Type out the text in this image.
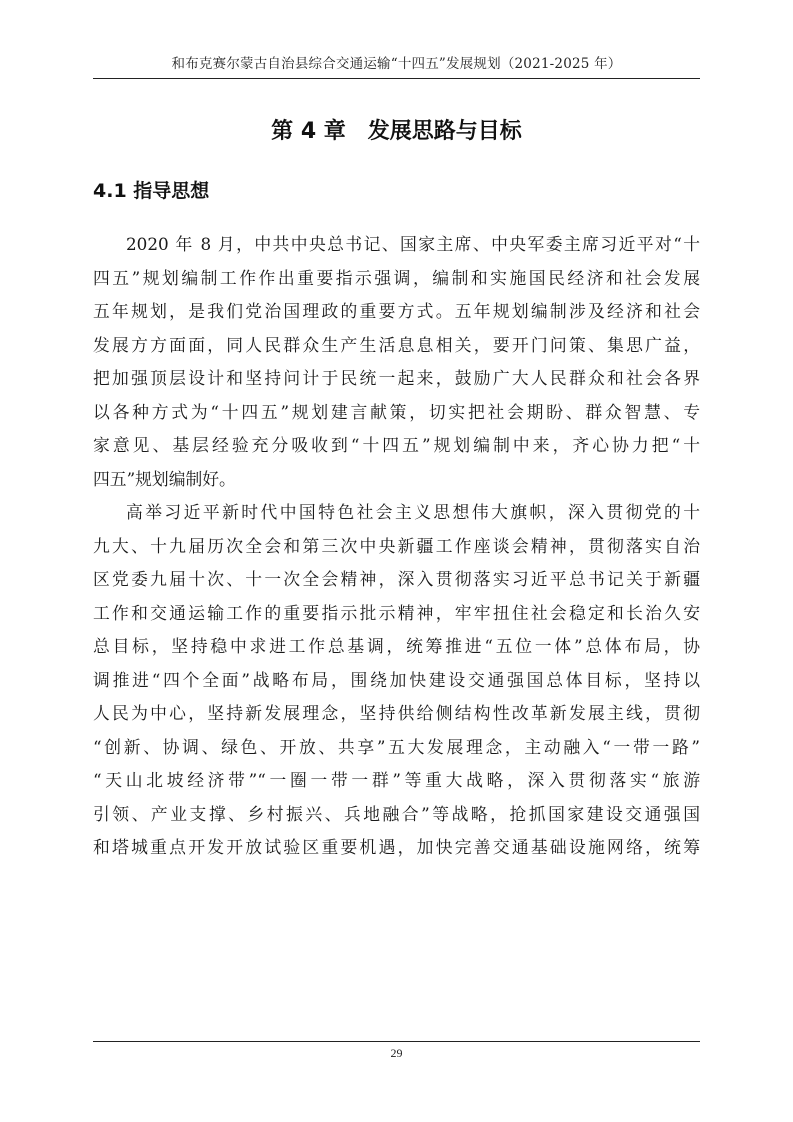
和布克赛尔蒙古自治县综合交通运输“十四五”发展规划（2021-2025 年）
第 4 章　发展思路与目标
4.1 指导思想

2020 年 8 月，中共中央总书记、国家主席、中央军委主席习近平对“十
四五”规划编制工作作出重要指示强调，编制和实施国民经济和社会发展
五年规划，是我们党治国理政的重要方式。五年规划编制涉及经济和社会
发展方方面面，同人民群众生产生活息息相关，要开门问策、集思广益，
把加强顶层设计和坚持问计于民统一起来，鼓励广大人民群众和社会各界
以各种方式为“十四五”规划建言献策，切实把社会期盼、群众智慧、专
家意见、基层经验充分吸收到“十四五”规划编制中来，齐心协力把“十
四五”规划编制好。

高举习近平新时代中国特色社会主义思想伟大旗帜，深入贯彻党的十
九大、十九届历次全会和第三次中央新疆工作座谈会精神，贯彻落实自治
区党委九届十次、十一次全会精神，深入贯彻落实习近平总书记关于新疆
工作和交通运输工作的重要指示批示精神，牢牢扭住社会稳定和长治久安
总目标，坚持稳中求进工作总基调，统筹推进“五位一体”总体布局，协
调推进“四个全面”战略布局，围绕加快建设交通强国总体目标，坚持以
人民为中心，坚持新发展理念，坚持供给侧结构性改革新发展主线，贯彻
“创新、协调、绿色、开放、共享”五大发展理念，主动融入“一带一路”
“天山北坡经济带”“一圈一带一群”等重大战略，深入贯彻落实“旅游
引领、产业支撑、乡村振兴、兵地融合”等战略，抢抓国家建设交通强国
和塔城重点开发开放试验区重要机遇，加快完善交通基础设施网络，统筹

29
